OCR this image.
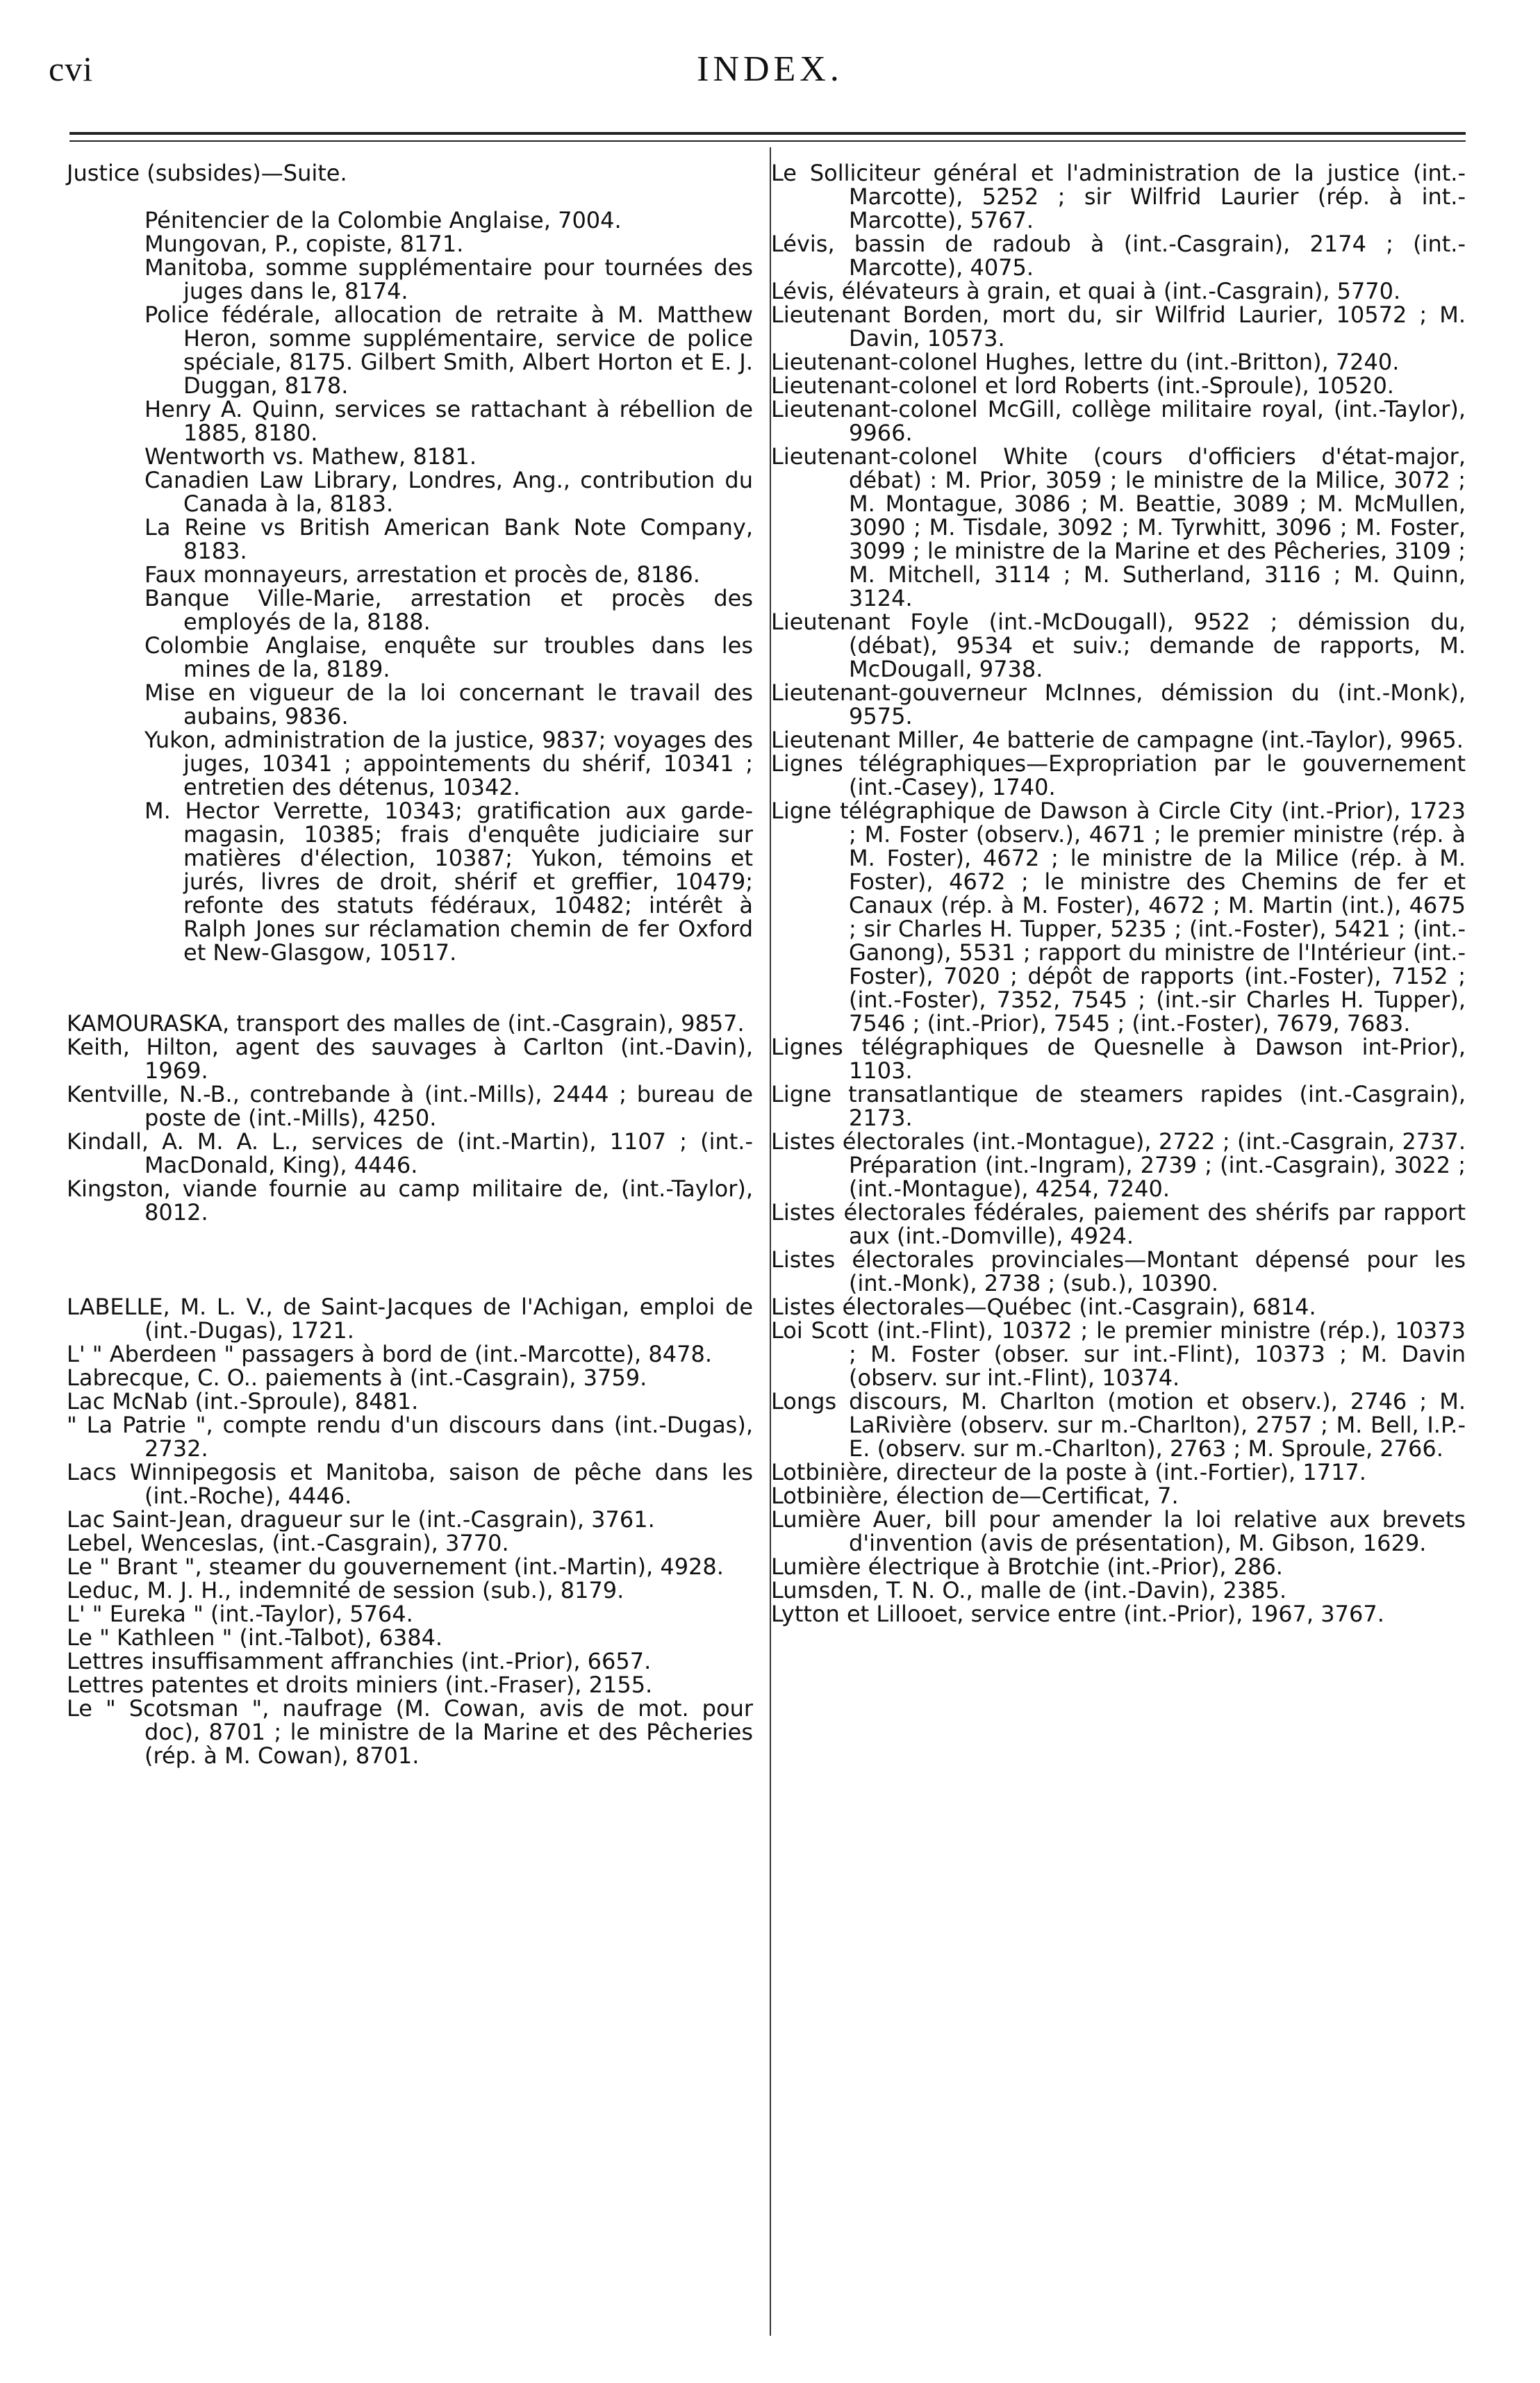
cvi	INDEX.

Justice (subsides)—Suite.

Pénitencier de la Colombie Anglaise, 7004.

Mungovan, P., copiste, 8171.

Manitoba, somme supplémentaire pour tournées des juges dans le, 8174.

Police fédérale, allocation de retraite à M. Matthew Heron, somme supplémentaire, service de police spéciale, 8175. Gilbert Smith, Albert Horton et E. J. Duggan, 8178.

Henry A. Quinn, services se rattachant à rébellion de 1885, 8180.

Wentworth vs. Mathew, 8181.

Canadien Law Library, Londres, Ang., contribution du Canada à la, 8183.

La Reine vs British American Bank Note Company, 8183.

Faux monnayeurs, arrestation et procès de, 8186.

Banque Ville-Marie, arrestation et procès des employés de la, 8188.

Colombie Anglaise, enquête sur troubles dans les mines de la, 8189.

Mise en vigueur de la loi concernant le travail des aubains, 9836.

Yukon, administration de la justice, 9837; voyages des juges, 10341 ; appointements du shérif, 10341 ; entretien des détenus, 10342.

M. Hector Verrette, 10343; gratification aux garde-magasin, 10385; frais d'enquête judiciaire sur matières d'élection, 10387; Yukon, témoins et jurés, livres de droit, shérif et greffier, 10479; refonte des statuts fédéraux, 10482; intérêt à Ralph Jones sur réclamation chemin de fer Oxford et New-Glasgow, 10517.

KAMOURASKA, transport des malles de (int.-Casgrain), 9857.

Keith, Hilton, agent des sauvages à Carlton (int.-Davin), 1969.

Kentville, N.-B., contrebande à (int.-Mills), 2444 ; bureau de poste de (int.-Mills), 4250.

Kindall, A. M. A. L., services de (int.-Martin), 1107 ; (int.-MacDonald, King), 4446.

Kingston, viande fournie au camp militaire de, (int.-Taylor), 8012.

LABELLE, M. L. V., de Saint-Jacques de l'Achigan, emploi de (int.-Dugas), 1721.

L' " Aberdeen " passagers à bord de (int.-Marcotte), 8478.

Labrecque, C. O.. paiements à (int.-Casgrain), 3759.

Lac McNab (int.-Sproule), 8481.

" La Patrie ", compte rendu d'un discours dans (int.-Dugas), 2732.

Lacs Winnipegosis et Manitoba, saison de pêche dans les (int.-Roche), 4446.

Lac Saint-Jean, dragueur sur le (int.-Casgrain), 3761.

Lebel, Wenceslas, (int.-Casgrain), 3770.

Le " Brant ", steamer du gouvernement (int.-Martin), 4928.

Leduc, M. J. H., indemnité de session (sub.), 8179.

L' " Eureka " (int.-Taylor), 5764.

Le " Kathleen " (int.-Talbot), 6384.

Lettres insuffisamment affranchies (int.-Prior), 6657.

Lettres patentes et droits miniers (int.-Fraser), 2155.

Le " Scotsman ", naufrage (M. Cowan, avis de mot. pour doc), 8701 ; le ministre de la Marine et des Pêcheries (rép. à M. Cowan), 8701.

Le Solliciteur général et l'administration de la justice (int.-Marcotte), 5252 ; sir Wilfrid Laurier (rép. à int.-Marcotte), 5767.

Lévis, bassin de radoub à (int.-Casgrain), 2174 ; (int.-Marcotte), 4075.

Lévis, élévateurs à grain, et quai à (int.-Casgrain), 5770.

Lieutenant Borden, mort du, sir Wilfrid Laurier, 10572 ; M. Davin, 10573.

Lieutenant-colonel Hughes, lettre du (int.-Britton), 7240.

Lieutenant-colonel et lord Roberts (int.-Sproule), 10520.

Lieutenant-colonel McGill, collège militaire royal, (int.-Taylor), 9966.

Lieutenant-colonel White (cours d'officiers d'état-major, débat) : M. Prior, 3059 ; le ministre de la Milice, 3072 ; M. Montague, 3086 ; M. Beattie, 3089 ; M. McMullen, 3090 ; M. Tisdale, 3092 ; M. Tyrwhitt, 3096 ; M. Foster, 3099 ; le ministre de la Marine et des Pêcheries, 3109 ; M. Mitchell, 3114 ; M. Sutherland, 3116 ; M. Quinn, 3124.

Lieutenant Foyle (int.-McDougall), 9522 ; démission du, (débat), 9534 et suiv.; demande de rapports, M. McDougall, 9738.

Lieutenant-gouverneur McInnes, démission du (int.-Monk), 9575.

Lieutenant Miller, 4e batterie de campagne (int.-Taylor), 9965.

Lignes télégraphiques—Expropriation par le gouvernement (int.-Casey), 1740.

Ligne télégraphique de Dawson à Circle City (int.-Prior), 1723 ; M. Foster (observ.), 4671 ; le premier ministre (rép. à M. Foster), 4672 ; le ministre de la Milice (rép. à M. Foster), 4672 ; le ministre des Chemins de fer et Canaux (rép. à M. Foster), 4672 ; M. Martin (int.), 4675 ; sir Charles H. Tupper, 5235 ; (int.-Foster), 5421 ; (int.-Ganong), 5531 ; rapport du ministre de l'Intérieur (int.-Foster), 7020 ; dépôt de rapports (int.-Foster), 7152 ; (int.-Foster), 7352, 7545 ; (int.-sir Charles H. Tupper), 7546 ; (int.-Prior), 7545 ; (int.-Foster), 7679, 7683.

Lignes télégraphiques de Quesnelle à Dawson int-Prior), 1103.

Ligne transatlantique de steamers rapides (int.-Casgrain), 2173.

Listes électorales (int.-Montague), 2722 ; (int.-Casgrain, 2737. Préparation (int.-Ingram), 2739 ; (int.-Casgrain), 3022 ; (int.-Montague), 4254, 7240.

Listes électorales fédérales, paiement des shérifs par rapport aux (int.-Domville), 4924.

Listes électorales provinciales—Montant dépensé pour les (int.-Monk), 2738 ; (sub.), 10390.

Listes électorales—Québec (int.-Casgrain), 6814.

Loi Scott (int.-Flint), 10372 ; le premier ministre (rép.), 10373 ; M. Foster (obser. sur int.-Flint), 10373 ; M. Davin (observ. sur int.-Flint), 10374.

Longs discours, M. Charlton (motion et observ.), 2746 ; M. LaRivière (observ. sur m.-Charlton), 2757 ; M. Bell, I.P.-E. (observ. sur m.-Charlton), 2763 ; M. Sproule, 2766.

Lotbinière, directeur de la poste à (int.-Fortier), 1717.

Lotbinière, élection de—Certificat, 7.

Lumière Auer, bill pour amender la loi relative aux brevets d'invention (avis de présentation), M. Gibson, 1629.

Lumière électrique à Brotchie (int.-Prior), 286.

Lumsden, T. N. O., malle de (int.-Davin), 2385.

Lytton et Lillooet, service entre (int.-Prior), 1967, 3767.
